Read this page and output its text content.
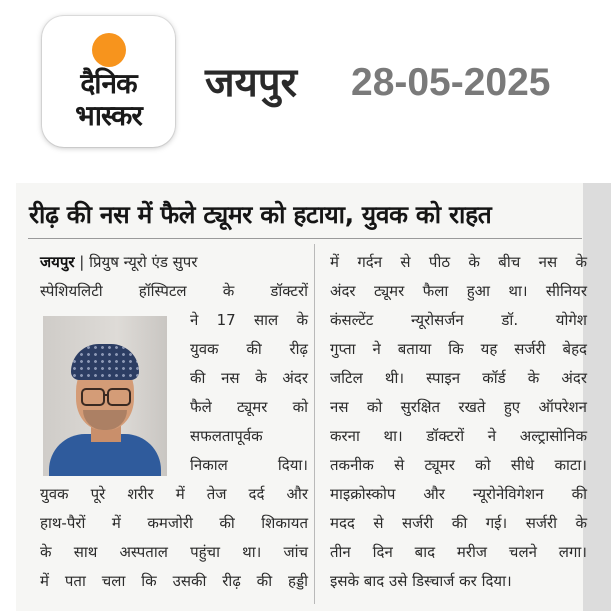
दैनिक
भास्कर
जयपुर 28-05-2025
रीढ़ की नस में फैले ट्यूमर को हटाया, युवक को राहत
जयपुर | प्रियुष न्यूरो एंड सुपर
स्पेशियलिटी हॉस्पिटल के डॉक्टरों
ने 17 साल के
युवक की रीढ़
की नस के अंदर
फैले ट्यूमर को
सफलतापूर्वक
निकाल दिया।
युवक पूरे शरीर में तेज दर्द और
हाथ-पैरों में कमजोरी की शिकायत
के साथ अस्पताल पहुंचा था। जांच
में पता चला कि उसकी रीढ़ की हड्डी
में गर्दन से पीठ के बीच नस के
अंदर ट्यूमर फैला हुआ था। सीनियर
कंसल्टेंट न्यूरोसर्जन डॉ. योगेश
गुप्ता ने बताया कि यह सर्जरी बेहद
जटिल थी। स्पाइन कॉर्ड के अंदर
नस को सुरक्षित रखते हुए ऑपरेशन
करना था। डॉक्टरों ने अल्ट्रासोनिक
तकनीक से ट्यूमर को सीधे काटा।
माइक्रोस्कोप और न्यूरोनेविगेशन की
मदद से सर्जरी की गई। सर्जरी के
तीन दिन बाद मरीज चलने लगा।
इसके बाद उसे डिस्चार्ज कर दिया।
